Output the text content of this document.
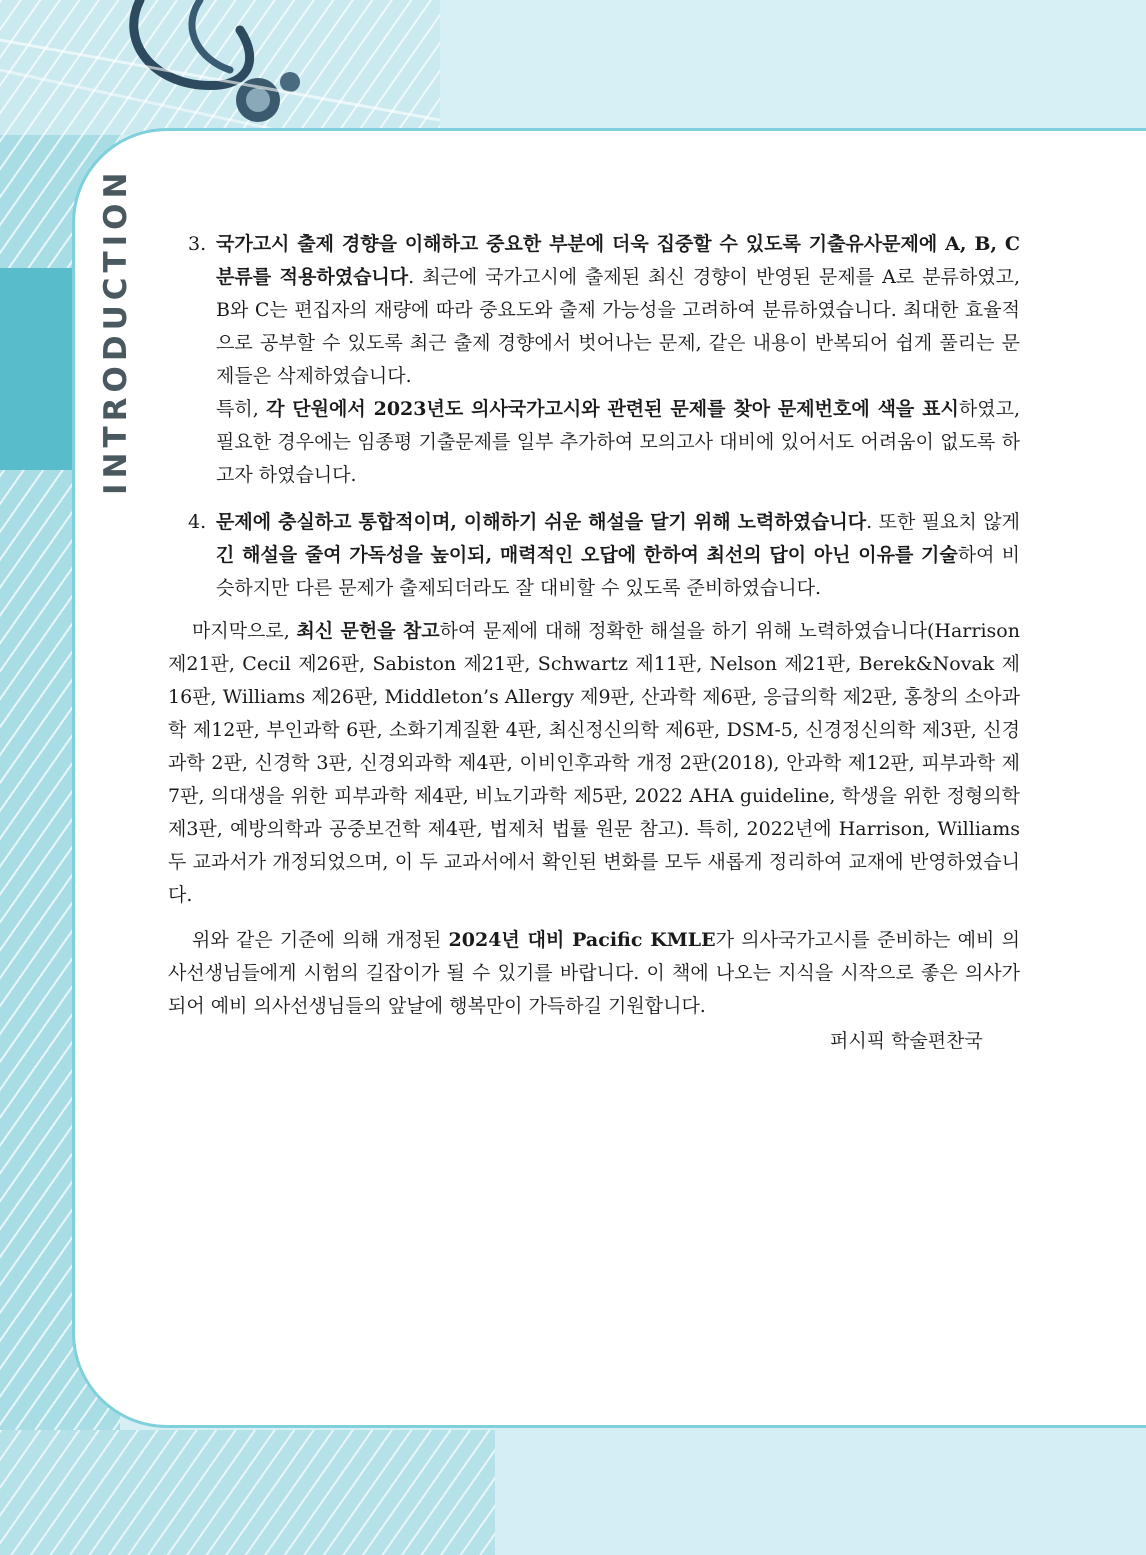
INTRODUCTION	3. 국가고시 출제 경향을 이해하고 중요한 부분에 더욱 집중할 수 있도록 기출유사문제에 A, B, C 분류를 적용하였습니다. 최근에 국가고시에 출제된 최신 경향이 반영된 문제를 A로 분류하였고, B와 C는 편집자의 재량에 따라 중요도와 출제 가능성을 고려하여 분류하였습니다. 최대한 효율적으로 공부할 수 있도록 최근 출제 경향에서 벗어나는 문제, 같은 내용이 반복되어 쉽게 풀리는 문제들은 삭제하였습니다.

특히, 각 단원에서 2023년도 의사국가고시와 관련된 문제를 찾아 문제번호에 색을 표시하였고, 필요한 경우에는 임종평 기출문제를 일부 추가하여 모의고사 대비에 있어서도 어려움이 없도록 하고자 하였습니다.

4. 문제에 충실하고 통합적이며, 이해하기 쉬운 해설을 달기 위해 노력하였습니다. 또한 필요치 않게 긴 해설을 줄여 가독성을 높이되, 매력적인 오답에 한하여 최선의 답이 아닌 이유를 기술하여 비슷하지만 다른 문제가 출제되더라도 잘 대비할 수 있도록 준비하였습니다.

마지막으로, 최신 문헌을 참고하여 문제에 대해 정확한 해설을 하기 위해 노력하였습니다(Harrison 제21판, Cecil 제26판, Sabiston 제21판, Schwartz 제11판, Nelson 제21판, Berek&Novak 제16판, Williams 제26판, Middleton’s Allergy 제9판, 산과학 제6판, 응급의학 제2판, 홍창의 소아과학 제12판, 부인과학 6판, 소화기계질환 4판, 최신정신의학 제6판, DSM-5, 신경정신의학 제3판, 신경과학 2판, 신경학 3판, 신경외과학 제4판, 이비인후과학 개정 2판(2018), 안과학 제12판, 피부과학 제7판, 의대생을 위한 피부과학 제4판, 비뇨기과학 제5판, 2022 AHA guideline, 학생을 위한 정형의학 제3판, 예방의학과 공중보건학 제4판, 법제처 법률 원문 참고). 특히, 2022년에 Harrison, Williams 두 교과서가 개정되었으며, 이 두 교과서에서 확인된 변화를 모두 새롭게 정리하여 교재에 반영하였습니다.

위와 같은 기준에 의해 개정된 2024년 대비 Pacific KMLE가 의사국가고시를 준비하는 예비 의사선생님들에게 시험의 길잡이가 될 수 있기를 바랍니다. 이 책에 나오는 지식을 시작으로 좋은 의사가 되어 예비 의사선생님들의 앞날에 행복만이 가득하길 기원합니다.

퍼시픽 학술편찬국
